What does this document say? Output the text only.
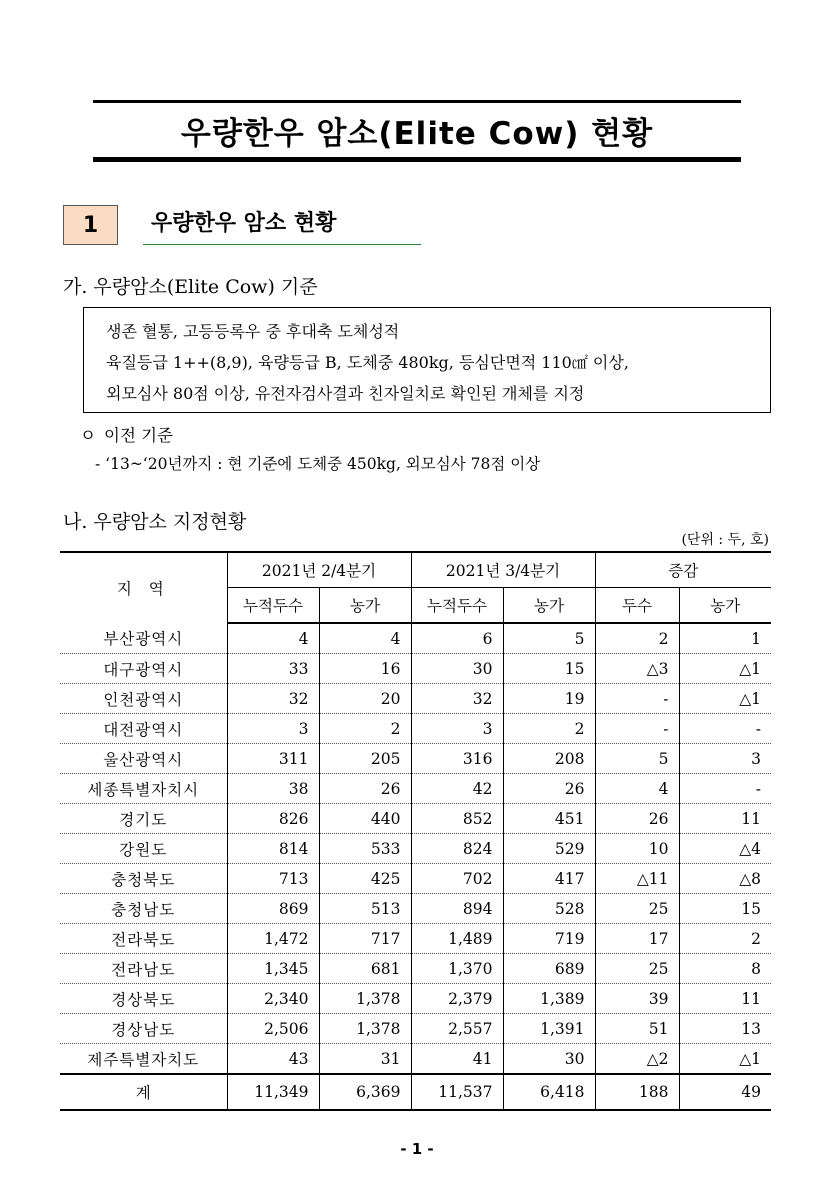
우량한우 암소(Elite Cow) 현황
1	우량한우 암소 현황
가. 우량암소(Elite Cow) 기준
생존 혈통, 고등등록우 중 후대축 도체성적
육질등급 1++(8,9), 육량등급 B, 도체중 480kg, 등심단면적 110㎠ 이상,
외모심사 80점 이상, 유전자검사결과 친자일치로 확인된 개체를 지정
ㅇ 이전 기준
- ‘13~‘20년까지 : 현 기준에 도체중 450kg, 외모심사 78점 이상
나. 우량암소 지정현황
(단위 : 두, 호)
지 역	2021년 2/4분기		2021년 3/4분기		증감	
	누적두수	농가	누적두수	농가	두수	농가
부산광역시	4	4	6	5	2	1
대구광역시	33	16	30	15	△3	△1
인천광역시	32	20	32	19	-	△1
대전광역시	3	2	3	2	-	-
울산광역시	311	205	316	208	5	3
세종특별자치시	38	26	42	26	4	-
경기도	826	440	852	451	26	11
강원도	814	533	824	529	10	△4
충청북도	713	425	702	417	△11	△8
충청남도	869	513	894	528	25	15
전라북도	1,472	717	1,489	719	17	2
전라남도	1,345	681	1,370	689	25	8
경상북도	2,340	1,378	2,379	1,389	39	11
경상남도	2,506	1,378	2,557	1,391	51	13
제주특별자치도	43	31	41	30	△2	△1
계	11,349	6,369	11,537	6,418	188	49
- 1 -
